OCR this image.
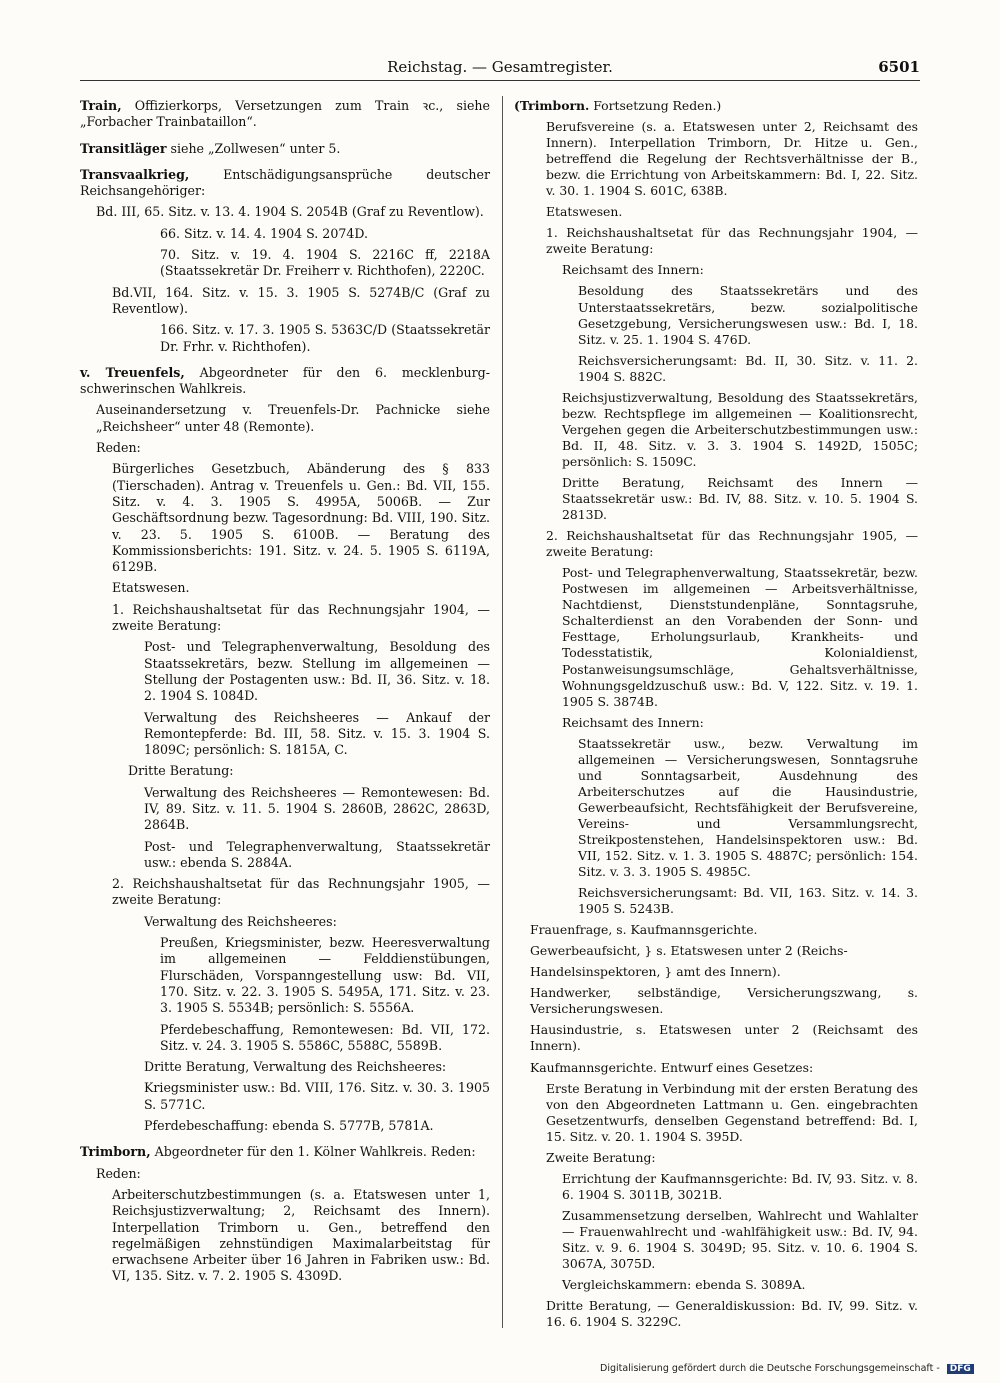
Reichstag. — Gesamtregister.	6501
Train, Offizierkorps, Versetzungen zum Train ꝛc., siehe „Forbacher Trainbataillon“.
Transitläger siehe „Zollwesen“ unter 5.
Transvaalkrieg, Entschädigungsansprüche deutscher Reichsangehöriger:
Bd. III, 65. Sitz. v. 13. 4. 1904 S. 2054B (Graf zu Reventlow).
66. Sitz. v. 14. 4. 1904 S. 2074D.
70. Sitz. v. 19. 4. 1904 S. 2216C ff, 2218A (Staatssekretär Dr. Freiherr v. Richthofen), 2220C.
Bd.VII, 164. Sitz. v. 15. 3. 1905 S. 5274B/C (Graf zu Reventlow).
166. Sitz. v. 17. 3. 1905 S. 5363C/D (Staatssekretär Dr. Frhr. v. Richthofen).
v. Treuenfels, Abgeordneter für den 6. mecklenburg-schwerinschen Wahlkreis.
Auseinandersetzung v. Treuenfels-Dr. Pachnicke siehe „Reichsheer“ unter 48 (Remonte).
Reden:
Bürgerliches Gesetzbuch, Abänderung des § 833 (Tierschaden). Antrag v. Treuenfels u. Gen.: Bd. VII, 155. Sitz. v. 4. 3. 1905 S. 4995A, 5006B. — Zur Geschäftsordnung bezw. Tagesordnung: Bd. VIII, 190. Sitz. v. 23. 5. 1905 S. 6100B. — Beratung des Kommissionsberichts: 191. Sitz. v. 24. 5. 1905 S. 6119A, 6129B.
Etatswesen.
1. Reichshaushaltsetat für das Rechnungsjahr 1904, — zweite Beratung:
Post- und Telegraphenverwaltung, Besoldung des Staatssekretärs, bezw. Stellung im allgemeinen — Stellung der Postagenten usw.: Bd. II, 36. Sitz. v. 18. 2. 1904 S. 1084D.
Verwaltung des Reichsheeres — Ankauf der Remontepferde: Bd. III, 58. Sitz. v. 15. 3. 1904 S. 1809C; persönlich: S. 1815A, C.
Dritte Beratung:
Verwaltung des Reichsheeres — Remontewesen: Bd. IV, 89. Sitz. v. 11. 5. 1904 S. 2860B, 2862C, 2863D, 2864B.
Post- und Telegraphenverwaltung, Staatssekretär usw.: ebenda S. 2884A.
2. Reichshaushaltsetat für das Rechnungsjahr 1905, — zweite Beratung:
Verwaltung des Reichsheeres:
Preußen, Kriegsminister, bezw. Heeresverwaltung im allgemeinen — Felddienstübungen, Flurschäden, Vorspanngestellung usw: Bd. VII, 170. Sitz. v. 22. 3. 1905 S. 5495A, 171. Sitz. v. 23. 3. 1905 S. 5534B; persönlich: S. 5556A.
Pferdebeschaffung, Remontewesen: Bd. VII, 172. Sitz. v. 24. 3. 1905 S. 5586C, 5588C, 5589B.
Dritte Beratung, Verwaltung des Reichsheeres:
Kriegsminister usw.: Bd. VIII, 176. Sitz. v. 30. 3. 1905 S. 5771C.
Pferdebeschaffung: ebenda S. 5777B, 5781A.
Trimborn, Abgeordneter für den 1. Kölner Wahlkreis. Reden:
Reden:
Arbeiterschutzbestimmungen (s. a. Etatswesen unter 1, Reichsjustizverwaltung; 2, Reichsamt des Innern). Interpellation Trimborn u. Gen., betreffend den regelmäßigen zehnstündigen Maximalarbeitstag für erwachsene Arbeiter über 16 Jahren in Fabriken usw.: Bd. VI, 135. Sitz. v. 7. 2. 1905 S. 4309D.
(Trimborn. Fortsetzung Reden.)
Berufsvereine (s. a. Etatswesen unter 2, Reichsamt des Innern). Interpellation Trimborn, Dr. Hitze u. Gen., betreffend die Regelung der Rechtsverhältnisse der B., bezw. die Errichtung von Arbeitskammern: Bd. I, 22. Sitz. v. 30. 1. 1904 S. 601C, 638B.
Etatswesen.
1. Reichshaushaltsetat für das Rechnungsjahr 1904, — zweite Beratung:
Reichsamt des Innern:
Besoldung des Staatssekretärs und des Unterstaatssekretärs, bezw. sozialpolitische Gesetzgebung, Versicherungswesen usw.: Bd. I, 18. Sitz. v. 25. 1. 1904 S. 476D.
Reichsversicherungsamt: Bd. II, 30. Sitz. v. 11. 2. 1904 S. 882C.
Reichsjustizverwaltung, Besoldung des Staatssekretärs, bezw. Rechtspflege im allgemeinen — Koalitionsrecht, Vergehen gegen die Arbeiterschutzbestimmungen usw.: Bd. II, 48. Sitz. v. 3. 3. 1904 S. 1492D, 1505C; persönlich: S. 1509C.
Dritte Beratung, Reichsamt des Innern — Staatssekretär usw.: Bd. IV, 88. Sitz. v. 10. 5. 1904 S. 2813D.
2. Reichshaushaltsetat für das Rechnungsjahr 1905, — zweite Beratung:
Post- und Telegraphenverwaltung, Staatssekretär, bezw. Postwesen im allgemeinen — Arbeitsverhältnisse, Nachtdienst, Dienststundenpläne, Sonntagsruhe, Schalterdienst an den Vorabenden der Sonn- und Festtage, Erholungsurlaub, Krankheits- und Todesstatistik, Kolonialdienst, Postanweisungsumschläge, Gehaltsverhältnisse, Wohnungsgeldzuschuß usw.: Bd. V, 122. Sitz. v. 19. 1. 1905 S. 3874B.
Reichsamt des Innern:
Staatssekretär usw., bezw. Verwaltung im allgemeinen — Versicherungswesen, Sonntagsruhe und Sonntagsarbeit, Ausdehnung des Arbeiterschutzes auf die Hausindustrie, Gewerbeaufsicht, Rechtsfähigkeit der Berufsvereine, Vereins- und Versammlungsrecht, Streikpostenstehen, Handelsinspektoren usw.: Bd. VII, 152. Sitz. v. 1. 3. 1905 S. 4887C; persönlich: 154. Sitz. v. 3. 3. 1905 S. 4985C.
Reichsversicherungsamt: Bd. VII, 163. Sitz. v. 14. 3. 1905 S. 5243B.
Frauenfrage, s. Kaufmannsgerichte.
Gewerbeaufsicht, } s. Etatswesen unter 2 (Reichs-
Handelsinspektoren, } amt des Innern).
Handwerker, selbständige, Versicherungszwang, s. Versicherungswesen.
Hausindustrie, s. Etatswesen unter 2 (Reichsamt des Innern).
Kaufmannsgerichte. Entwurf eines Gesetzes:
Erste Beratung in Verbindung mit der ersten Beratung des von den Abgeordneten Lattmann u. Gen. eingebrachten Gesetzentwurfs, denselben Gegenstand betreffend: Bd. I, 15. Sitz. v. 20. 1. 1904 S. 395D.
Zweite Beratung:
Errichtung der Kaufmannsgerichte: Bd. IV, 93. Sitz. v. 8. 6. 1904 S. 3011B, 3021B.
Zusammensetzung derselben, Wahlrecht und Wahlalter — Frauenwahlrecht und -wahlfähigkeit usw.: Bd. IV, 94. Sitz. v. 9. 6. 1904 S. 3049D; 95. Sitz. v. 10. 6. 1904 S. 3067A, 3075D.
Vergleichskammern: ebenda S. 3089A.
Dritte Beratung, — Generaldiskussion: Bd. IV, 99. Sitz. v. 16. 6. 1904 S. 3229C.
Digitalisierung gefördert durch die Deutsche Forschungsgemeinschaft - DFG
